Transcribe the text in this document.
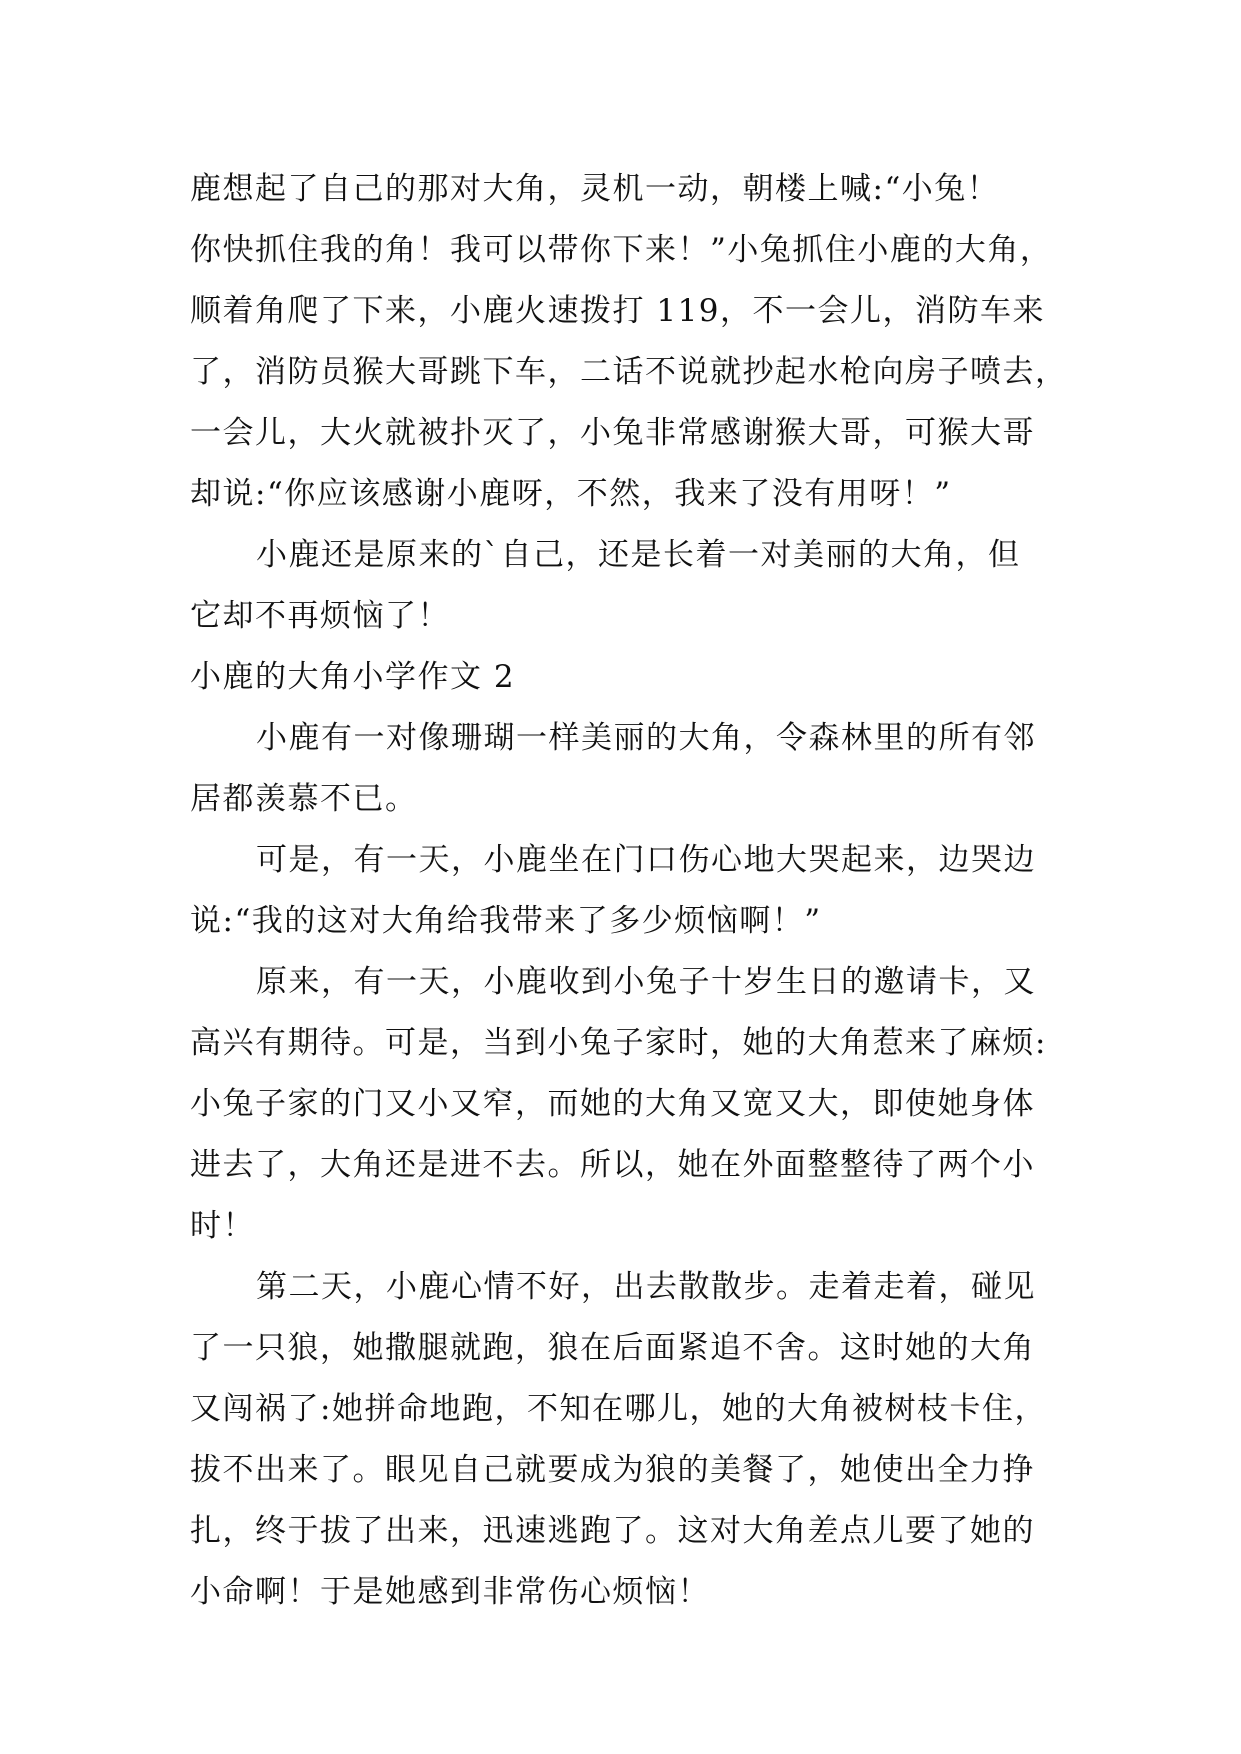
鹿想起了自己的那对大角，灵机一动，朝楼上喊:“小兔！
你快抓住我的角！我可以带你下来！”小兔抓住小鹿的大角，
顺着角爬了下来，小鹿火速拨打 119，不一会儿，消防车来
了，消防员猴大哥跳下车，二话不说就抄起水枪向房子喷去，
一会儿，大火就被扑灭了，小兔非常感谢猴大哥，可猴大哥
却说:“你应该感谢小鹿呀，不然，我来了没有用呀！”
小鹿还是原来的`自己，还是长着一对美丽的大角，但
它却不再烦恼了！
小鹿的大角小学作文 2
小鹿有一对像珊瑚一样美丽的大角，令森林里的所有邻
居都羡慕不已。
可是，有一天，小鹿坐在门口伤心地大哭起来，边哭边
说:“我的这对大角给我带来了多少烦恼啊！”
原来，有一天，小鹿收到小兔子十岁生日的邀请卡，又
高兴有期待。可是，当到小兔子家时，她的大角惹来了麻烦:
小兔子家的门又小又窄，而她的大角又宽又大，即使她身体
进去了，大角还是进不去。所以，她在外面整整待了两个小
时！
第二天，小鹿心情不好，出去散散步。走着走着，碰见
了一只狼，她撒腿就跑，狼在后面紧追不舍。这时她的大角
又闯祸了:她拼命地跑，不知在哪儿，她的大角被树枝卡住，
拔不出来了。眼见自己就要成为狼的美餐了，她使出全力挣
扎，终于拔了出来，迅速逃跑了。这对大角差点儿要了她的
小命啊！于是她感到非常伤心烦恼！
